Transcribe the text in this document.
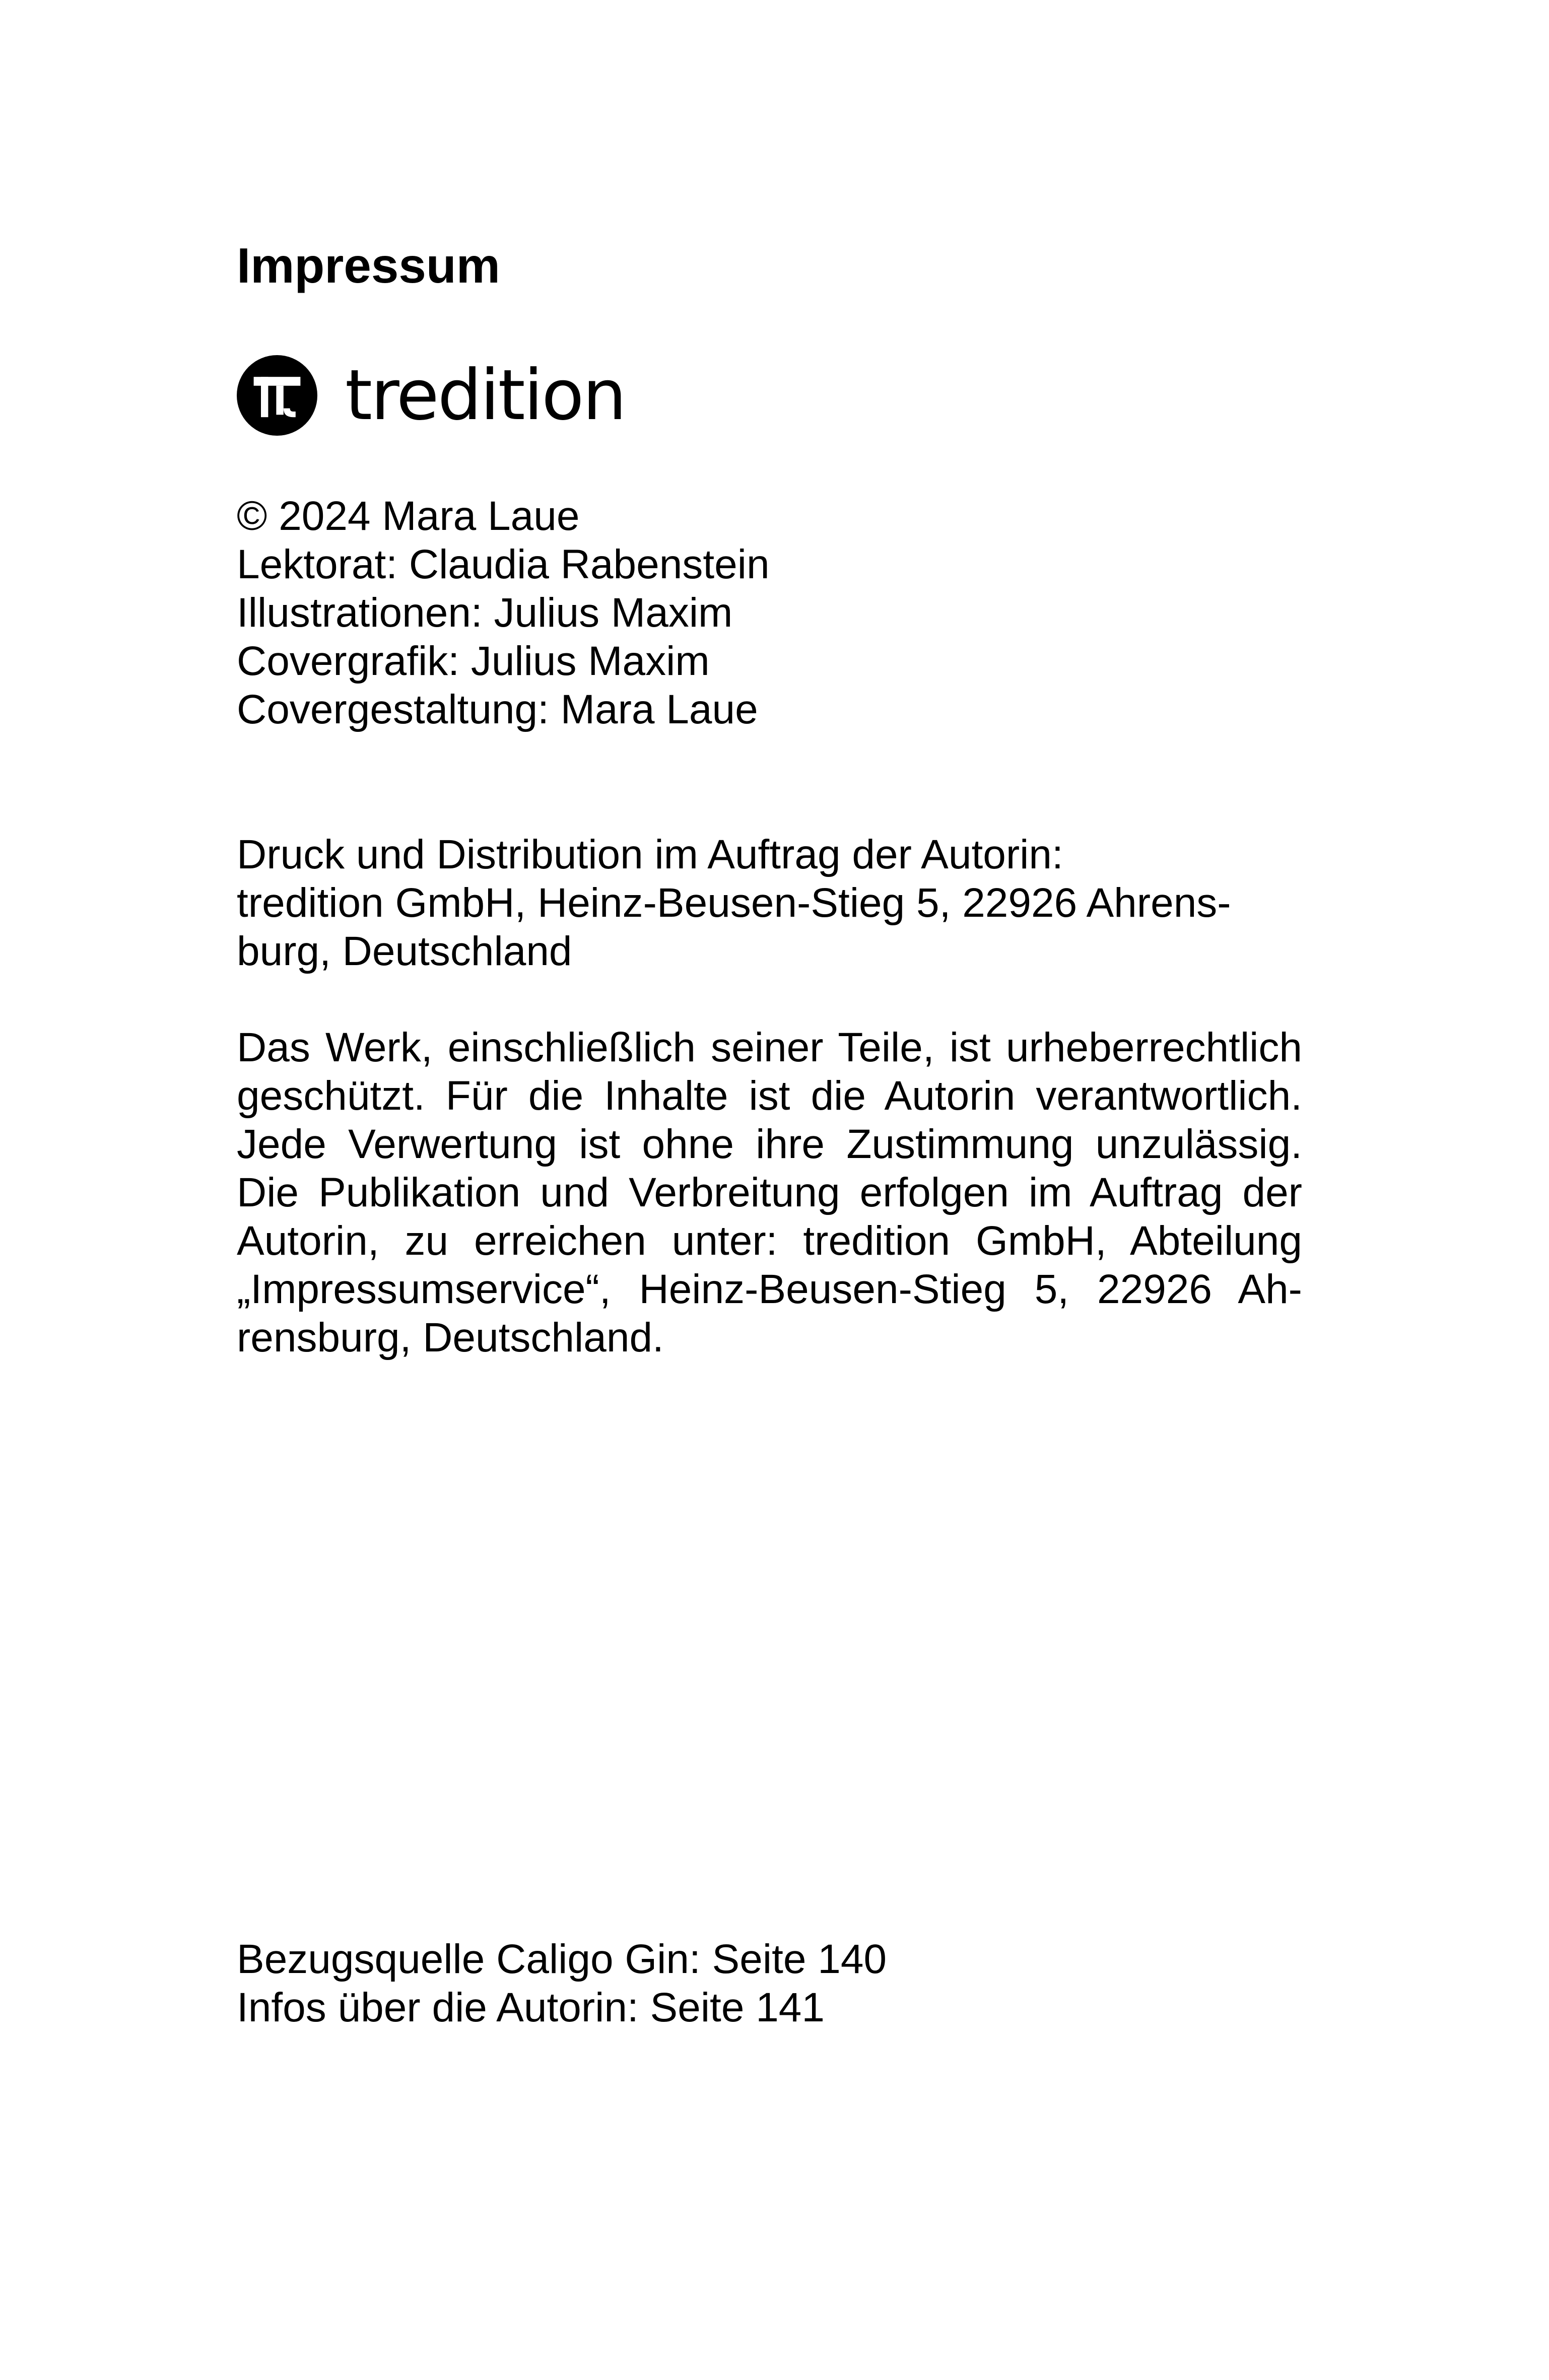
Impressum
tredition
© 2024 Mara Laue
Lektorat: Claudia Rabenstein
Illustrationen: Julius Maxim
Covergrafik: Julius Maxim
Covergestaltung: Mara Laue
Druck und Distribution im Auftrag der Autorin:
tredition GmbH, Heinz-Beusen-Stieg 5, 22926 Ahrens-
burg, Deutschland
Das Werk, einschließlich seiner Teile, ist urheberrechtlich
geschützt. Für die Inhalte ist die Autorin verantwortlich.
Jede Verwertung ist ohne ihre Zustimmung unzulässig.
Die Publikation und Verbreitung erfolgen im Auftrag der
Autorin, zu erreichen unter: tredition GmbH, Abteilung
„Impressumservice“, Heinz-Beusen-Stieg 5, 22926 Ah-
rensburg, Deutschland.
Bezugsquelle Caligo Gin: Seite 140
Infos über die Autorin: Seite 141
